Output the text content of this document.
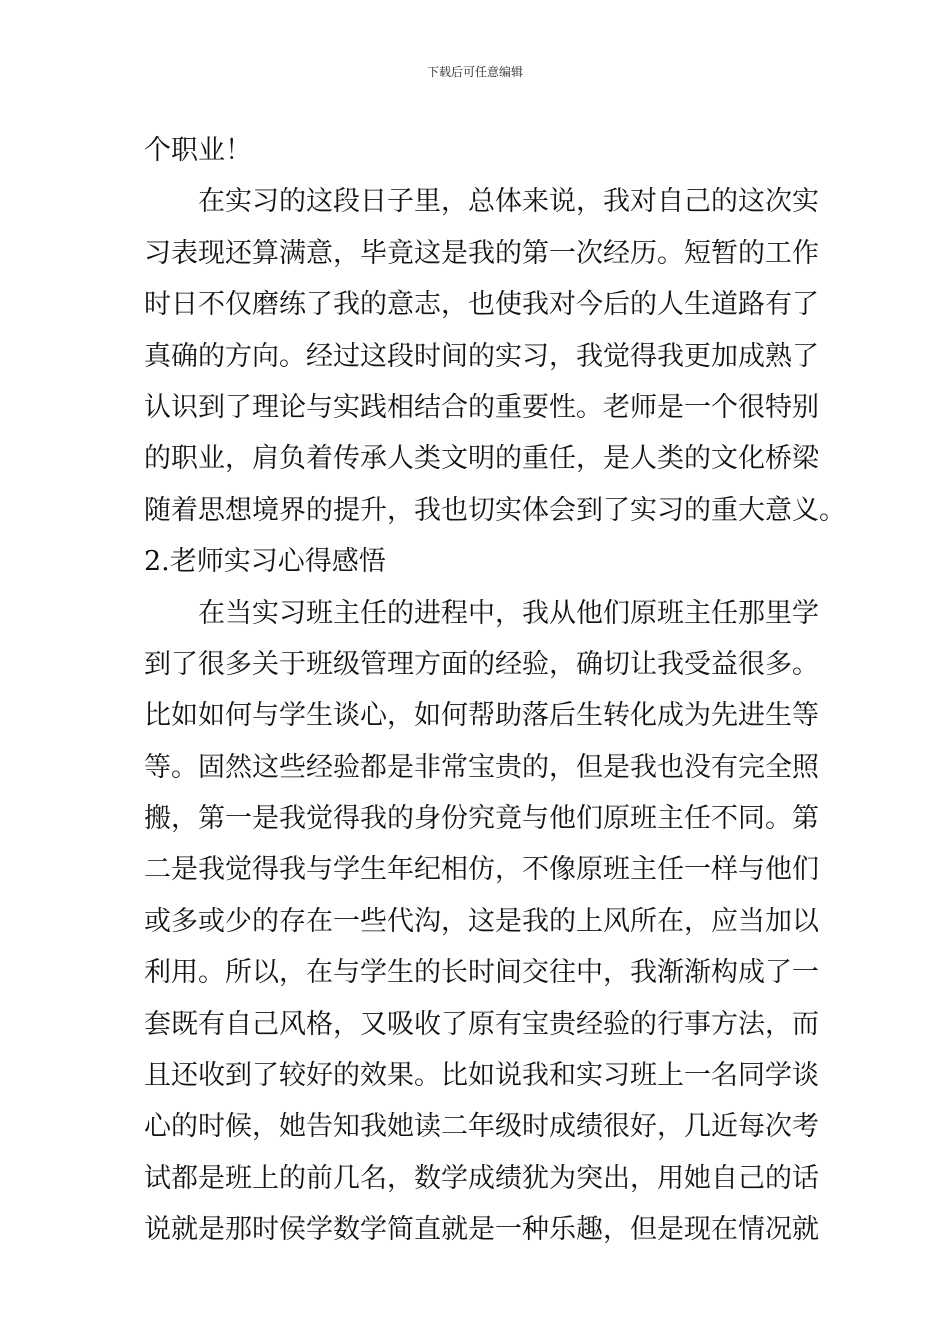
下载后可任意编辑
个职业！
在实习的这段日子里，总体来说，我对自己的这次实
习表现还算满意，毕竟这是我的第一次经历。短暂的工作
时日不仅磨练了我的意志，也使我对今后的人生道路有了
真确的方向。经过这段时间的实习，我觉得我更加成熟了
认识到了理论与实践相结合的重要性。老师是一个很特别
的职业，肩负着传承人类文明的重任，是人类的文化桥梁
随着思想境界的提升，我也切实体会到了实习的重大意义。
2.老师实习心得感悟
在当实习班主任的进程中，我从他们原班主任那里学
到了很多关于班级管理方面的经验，确切让我受益很多。
比如如何与学生谈心，如何帮助落后生转化成为先进生等
等。固然这些经验都是非常宝贵的，但是我也没有完全照
搬，第一是我觉得我的身份究竟与他们原班主任不同。第
二是我觉得我与学生年纪相仿，不像原班主任一样与他们
或多或少的存在一些代沟，这是我的上风所在，应当加以
利用。所以，在与学生的长时间交往中，我渐渐构成了一
套既有自己风格，又吸收了原有宝贵经验的行事方法，而
且还收到了较好的效果。比如说我和实习班上一名同学谈
心的时候，她告知我她读二年级时成绩很好，几近每次考
试都是班上的前几名，数学成绩犹为突出，用她自己的话
说就是那时侯学数学简直就是一种乐趣，但是现在情况就
